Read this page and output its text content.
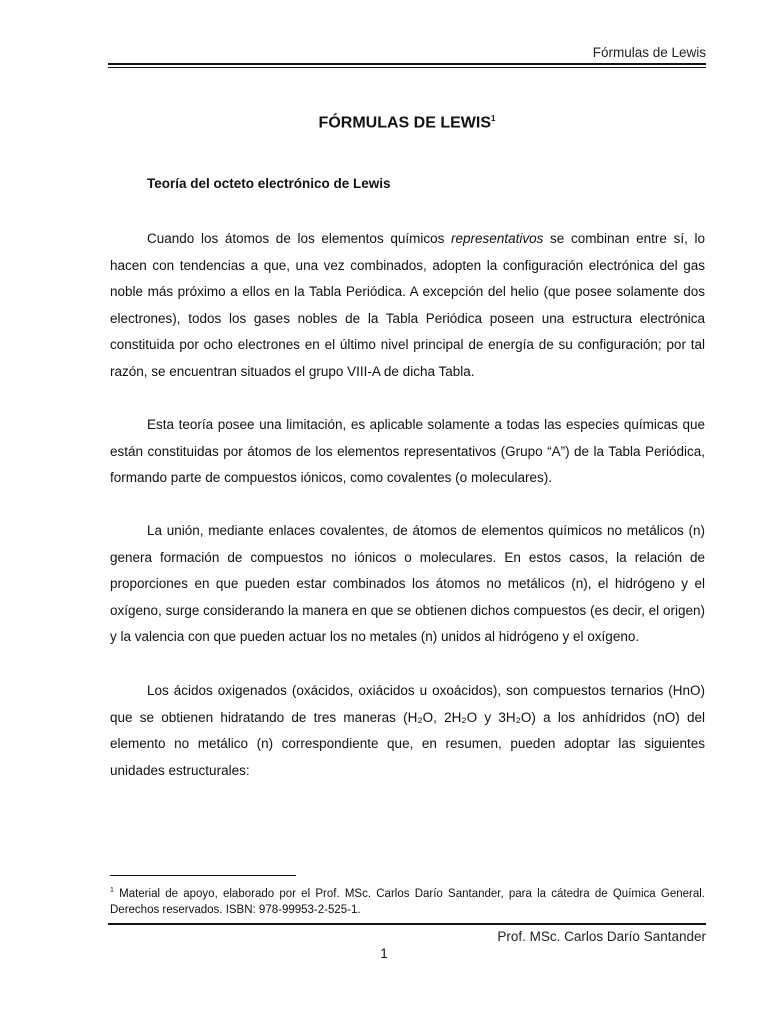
Fórmulas de Lewis
FÓRMULAS DE LEWIS$^1$
Teoría del octeto electrónico de Lewis

Cuando los átomos de los elementos químicos representativos se combinan entre sí, lo hacen con tendencias a que, una vez combinados, adopten la configuración electrónica del gas noble más próximo a ellos en la Tabla Periódica. A excepción del helio (que posee solamente dos electrones), todos los gases nobles de la Tabla Periódica poseen una estructura electrónica constituida por ocho electrones en el último nivel principal de energía de su configuración; por tal razón, se encuentran situados el grupo VIII-A de dicha Tabla.

Esta teoría posee una limitación, es aplicable solamente a todas las especies químicas que están constituidas por átomos de los elementos representativos (Grupo “A”) de la Tabla Periódica, formando parte de compuestos iónicos, como covalentes (o moleculares).

La unión, mediante enlaces covalentes, de átomos de elementos químicos no metálicos (n) genera formación de compuestos no iónicos o moleculares. En estos casos, la relación de proporciones en que pueden estar combinados los átomos no metálicos (n), el hidrógeno y el oxígeno, surge considerando la manera en que se obtienen dichos compuestos (es decir, el origen) y la valencia con que pueden actuar los no metales (n) unidos al hidrógeno y el oxígeno.

Los ácidos oxigenados (oxácidos, oxiácidos u oxoácidos), son compuestos ternarios (HnO) que se obtienen hidratando de tres maneras (H₂O, 2H₂O y 3H₂O) a los anhídridos (nO) del elemento no metálico (n) correspondiente que, en resumen, pueden adoptar las siguientes unidades estructurales:

$^1$ Material de apoyo, elaborado por el Prof. MSc. Carlos Darío Santander, para la cátedra de Química General. Derechos reservados. ISBN: 978-99953-2-525-1.

Prof. MSc. Carlos Darío Santander
1
